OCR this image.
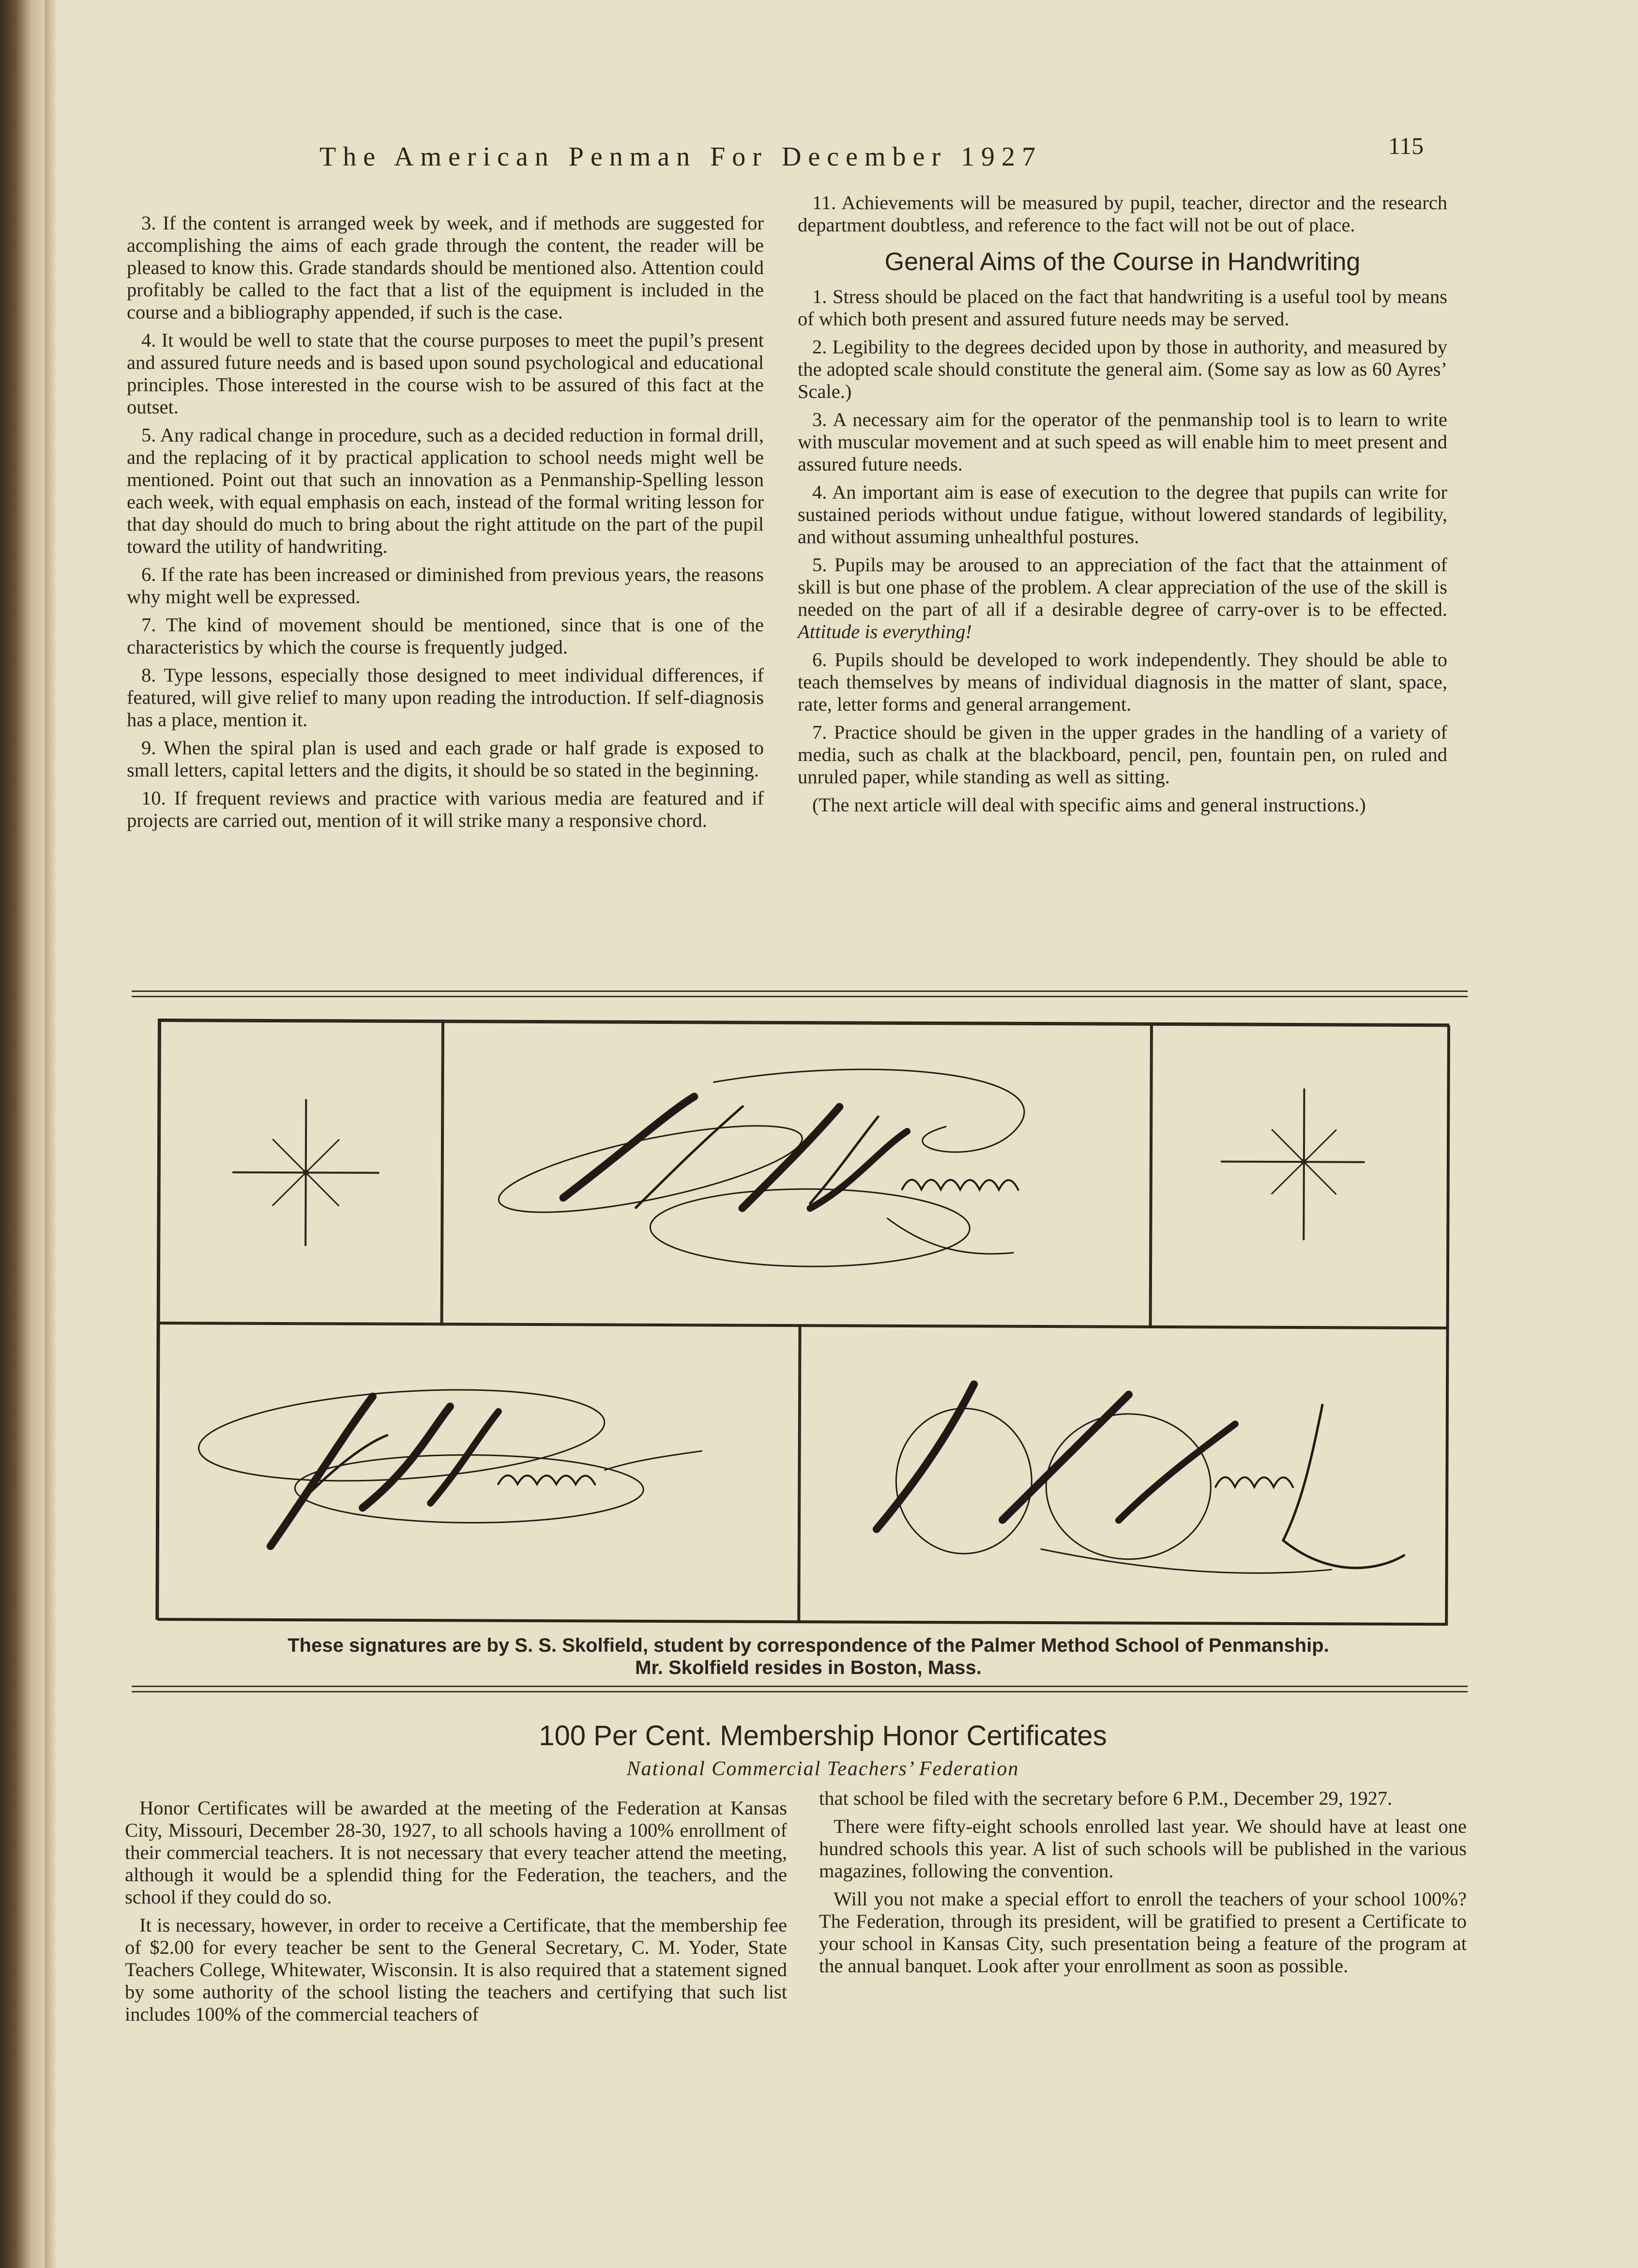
The American Penman For December 1927	115

3. If the content is arranged week by week, and if methods are suggested for accomplishing the aims of each grade through the content, the reader will be pleased to know this. Grade standards should be mentioned also. Attention could profitably be called to the fact that a list of the equipment is included in the course and a bibliography appended, if such is the case.

4. It would be well to state that the course purposes to meet the pupil’s present and assured future needs and is based upon sound psychological and educational principles. Those interested in the course wish to be assured of this fact at the outset.

5. Any radical change in procedure, such as a decided reduction in formal drill, and the replacing of it by practical application to school needs might well be mentioned. Point out that such an innovation as a Penmanship-Spelling lesson each week, with equal emphasis on each, instead of the formal writing lesson for that day should do much to bring about the right attitude on the part of the pupil toward the utility of handwriting.

6. If the rate has been increased or diminished from previous years, the reasons why might well be expressed.

7. The kind of movement should be mentioned, since that is one of the characteristics by which the course is frequently judged.

8. Type lessons, especially those designed to meet individual differences, if featured, will give relief to many upon reading the introduction. If self-diagnosis has a place, mention it.

9. When the spiral plan is used and each grade or half grade is exposed to small letters, capital letters and the digits, it should be so stated in the beginning.

10. If frequent reviews and practice with various media are featured and if projects are carried out, mention of it will strike many a responsive chord.

11. Achievements will be measured by pupil, teacher, director and the research department doubtless, and reference to the fact will not be out of place.

General Aims of the Course in Handwriting

1. Stress should be placed on the fact that handwriting is a useful tool by means of which both present and assured future needs may be served.

2. Legibility to the degrees decided upon by those in authority, and measured by the adopted scale should constitute the general aim. (Some say as low as 60 Ayres’ Scale.)

3. A necessary aim for the operator of the penmanship tool is to learn to write with muscular movement and at such speed as will enable him to meet present and assured future needs.

4. An important aim is ease of execution to the degree that pupils can write for sustained periods without undue fatigue, without lowered standards of legibility, and without assuming unhealthful postures.

5. Pupils may be aroused to an appreciation of the fact that the attainment of skill is but one phase of the problem. A clear appreciation of the use of the skill is needed on the part of all if a desirable degree of carry-over is to be effected. Attitude is everything!

6. Pupils should be developed to work independently. They should be able to teach themselves by means of individual diagnosis in the matter of slant, space, rate, letter forms and general arrangement.

7. Practice should be given in the upper grades in the handling of a variety of media, such as chalk at the blackboard, pencil, pen, fountain pen, on ruled and unruled paper, while standing as well as sitting.

(The next article will deal with specific aims and general instructions.)

These signatures are by S. S. Skolfield, student by correspondence of the Palmer Method School of Penmanship.
Mr. Skolfield resides in Boston, Mass.
100 Per Cent. Membership Honor Certificates
National Commercial Teachers’ Federation

Honor Certificates will be awarded at the meeting of the Federation at Kansas City, Missouri, December 28-30, 1927, to all schools having a 100% enrollment of their commercial teachers. It is not necessary that every teacher attend the meeting, although it would be a splendid thing for the Federation, the teachers, and the school if they could do so.

It is necessary, however, in order to receive a Certificate, that the membership fee of $2.00 for every teacher be sent to the General Secretary, C. M. Yoder, State Teachers College, Whitewater, Wisconsin. It is also required that a statement signed by some authority of the school listing the teachers and certifying that such list includes 100% of the commercial teachers of

that school be filed with the secretary before 6 P.M., December 29, 1927.

There were fifty-eight schools enrolled last year. We should have at least one hundred schools this year. A list of such schools will be published in the various magazines, following the convention.

Will you not make a special effort to enroll the teachers of your school 100%? The Federation, through its president, will be gratified to present a Certificate to your school in Kansas City, such presentation being a feature of the program at the annual banquet. Look after your enrollment as soon as possible.
